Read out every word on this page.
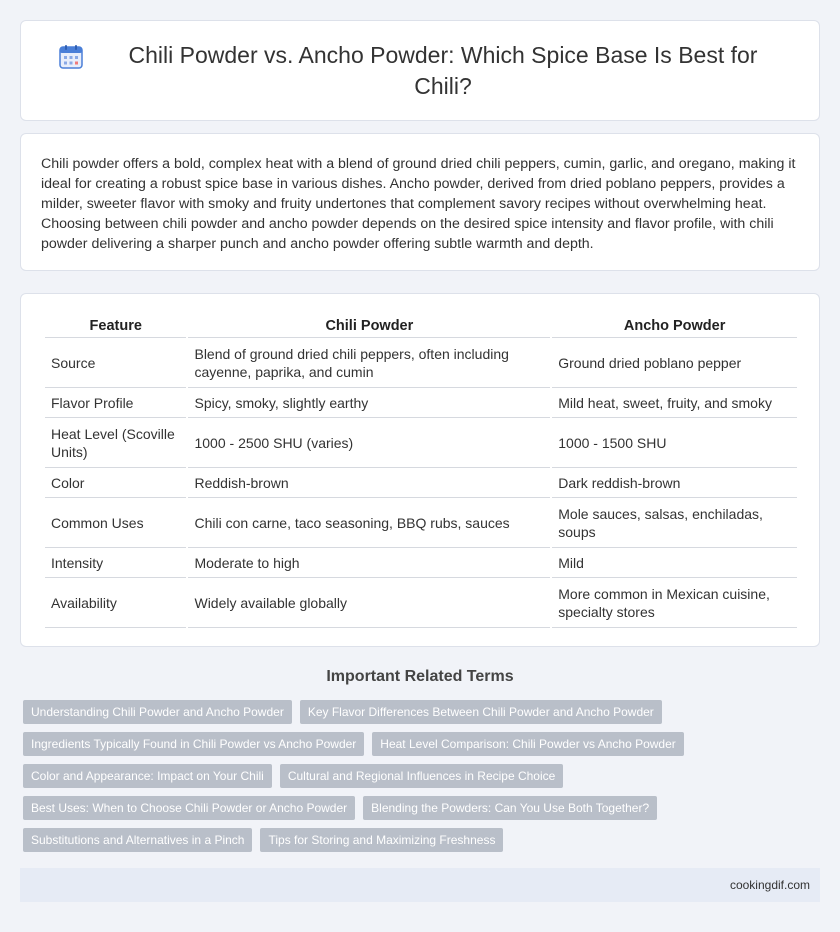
Chili Powder vs. Ancho Powder: Which Spice Base Is Best for Chili?

Chili powder offers a bold, complex heat with a blend of ground dried chili peppers, cumin, garlic, and oregano, making it ideal for creating a robust spice base in various dishes. Ancho powder, derived from dried poblano peppers, provides a milder, sweeter flavor with smoky and fruity undertones that complement savory recipes without overwhelming heat. Choosing between chili powder and ancho powder depends on the desired spice intensity and flavor profile, with chili powder delivering a sharper punch and ancho powder offering subtle warmth and depth.

Feature	Chili Powder	Ancho Powder
Source	Blend of ground dried chili peppers, often including cayenne, paprika, and cumin	Ground dried poblano pepper
Flavor Profile	Spicy, smoky, slightly earthy	Mild heat, sweet, fruity, and smoky
Heat Level (Scoville Units)	1000 - 2500 SHU (varies)	1000 - 1500 SHU
Color	Reddish-brown	Dark reddish-brown
Common Uses	Chili con carne, taco seasoning, BBQ rubs, sauces	Mole sauces, salsas, enchiladas, soups
Intensity	Moderate to high	Mild
Availability	Widely available globally	More common in Mexican cuisine, specialty stores
Important Related Terms
Understanding Chili Powder and Ancho Powder	Key Flavor Differences Between Chili Powder and Ancho Powder
Ingredients Typically Found in Chili Powder vs Ancho Powder	Heat Level Comparison: Chili Powder vs Ancho Powder
Color and Appearance: Impact on Your Chili	Cultural and Regional Influences in Recipe Choice
Best Uses: When to Choose Chili Powder or Ancho Powder	Blending the Powders: Can You Use Both Together?
Substitutions and Alternatives in a Pinch	Tips for Storing and Maximizing Freshness
cookingdif.com
